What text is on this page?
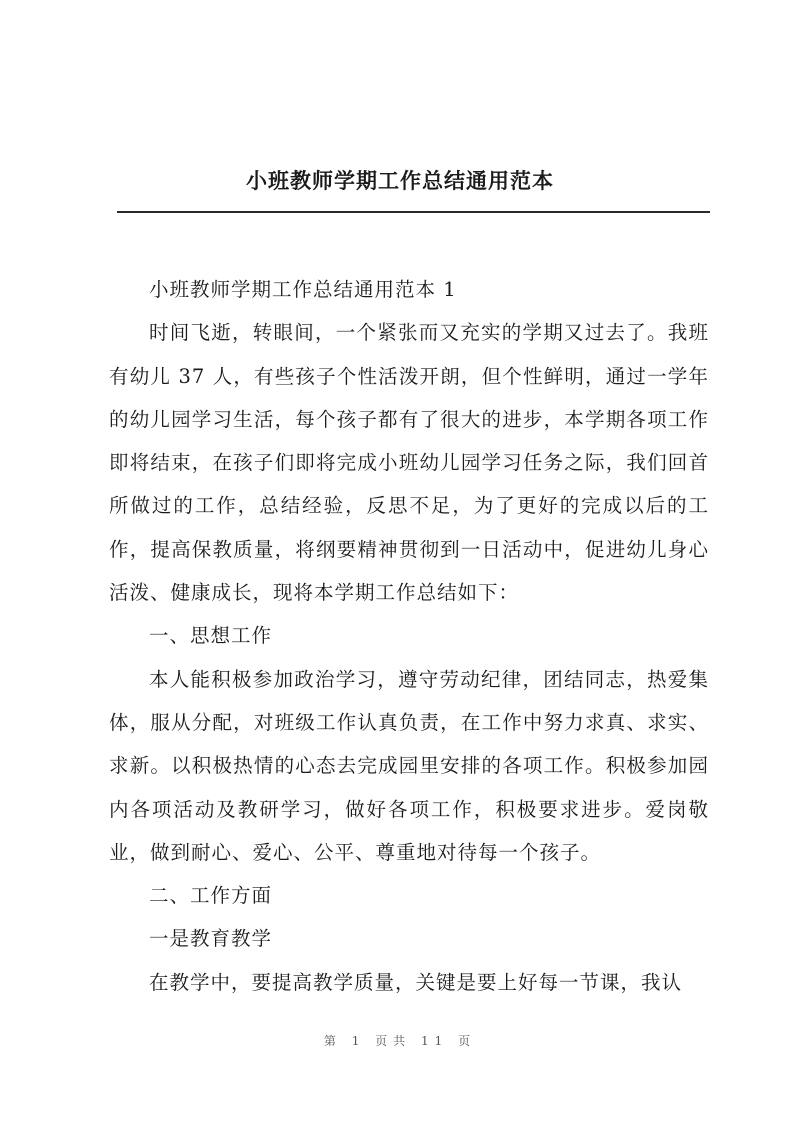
小班教师学期工作总结通用范本

小班教师学期工作总结通用范本 1

时间飞逝，转眼间，一个紧张而又充实的学期又过去了。我班有幼儿 37 人，有些孩子个性活泼开朗，但个性鲜明，通过一学年的幼儿园学习生活，每个孩子都有了很大的进步，本学期各项工作即将结束，在孩子们即将完成小班幼儿园学习任务之际，我们回首所做过的工作，总结经验，反思不足，为了更好的完成以后的工作，提高保教质量，将纲要精神贯彻到一日活动中，促进幼儿身心活泼、健康成长，现将本学期工作总结如下：

一、思想工作

本人能积极参加政治学习，遵守劳动纪律，团结同志，热爱集体，服从分配，对班级工作认真负责，在工作中努力求真、求实、求新。以积极热情的心态去完成园里安排的各项工作。积极参加园内各项活动及教研学习，做好各项工作，积极要求进步。爱岗敬业，做到耐心、爱心、公平、尊重地对待每一个孩子。

二、工作方面

一是教育教学

在教学中，要提高教学质量，关键是要上好每一节课，我认

第 1 页共 11 页
